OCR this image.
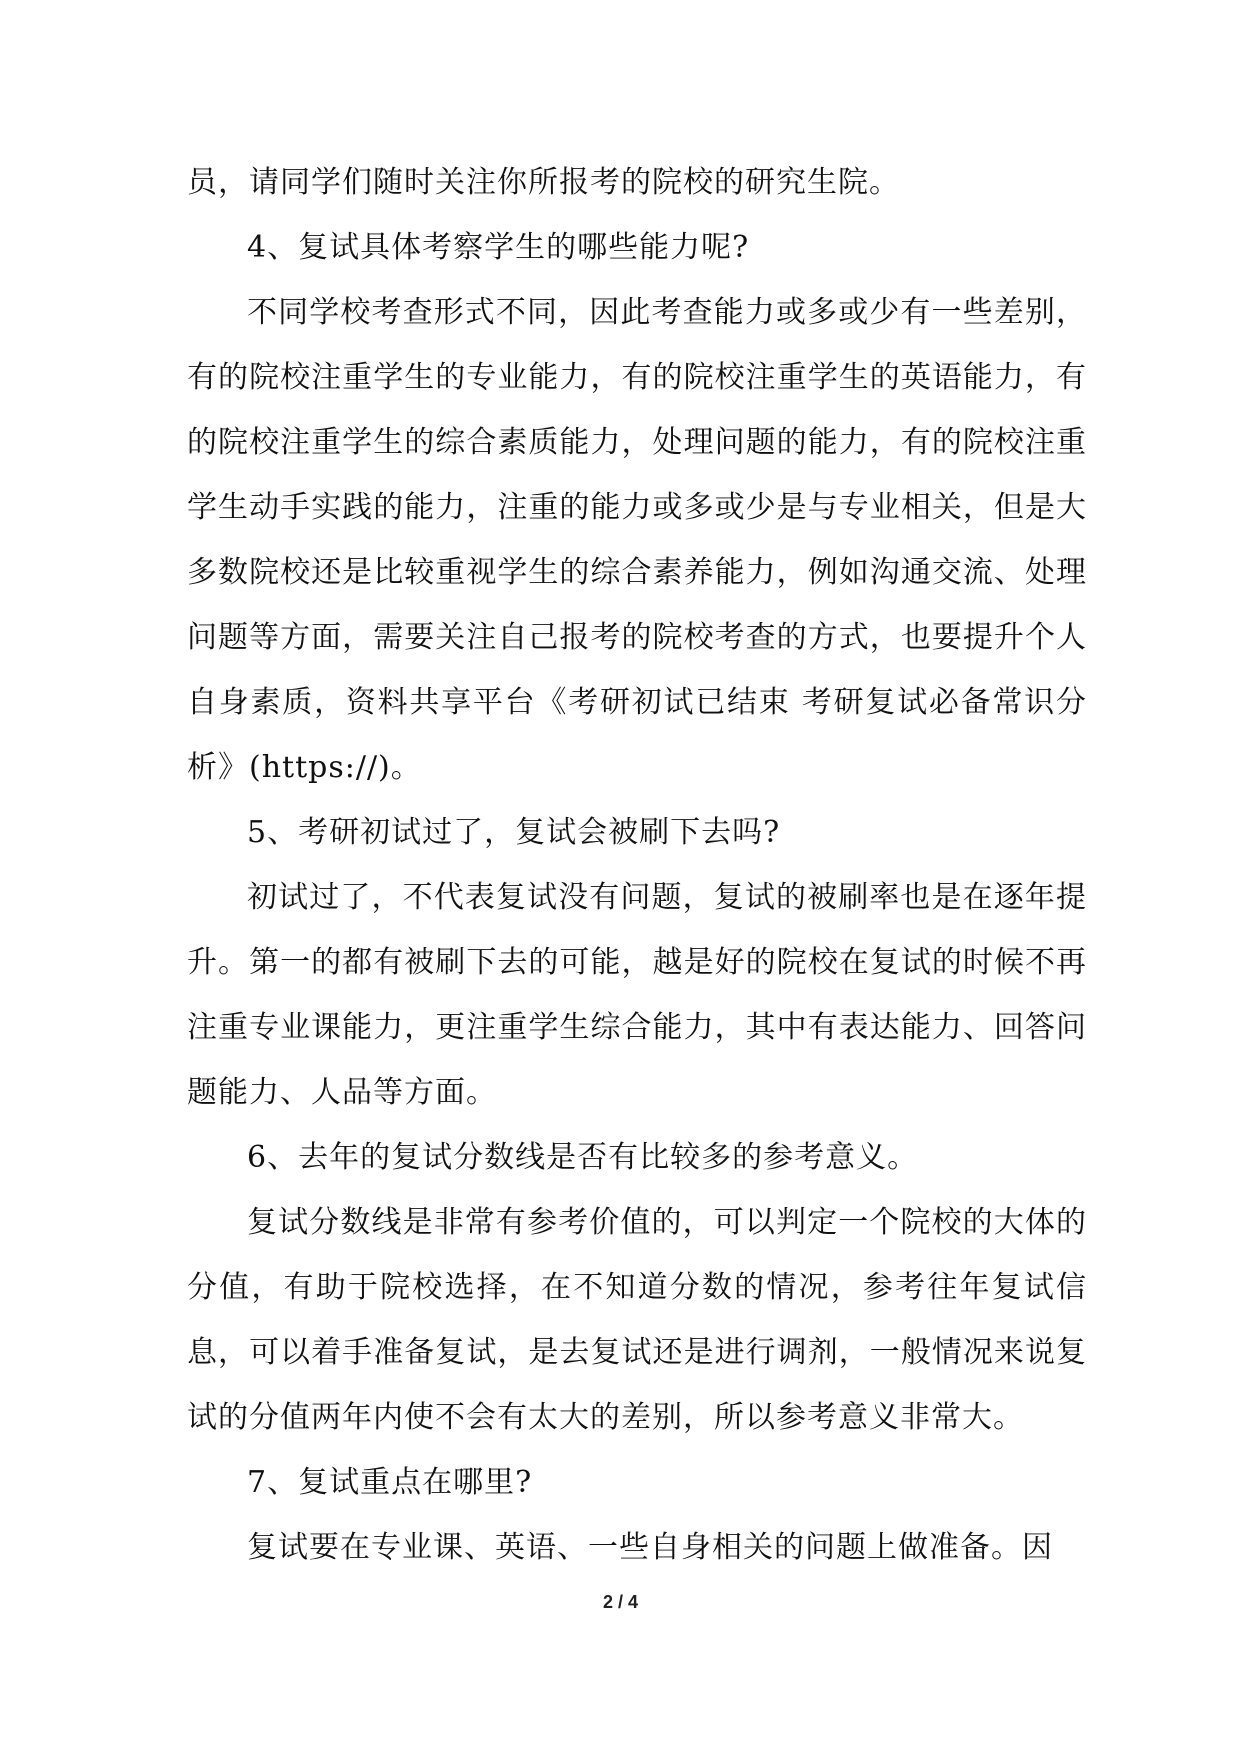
员，请同学们随时关注你所报考的院校的研究生院。

4、复试具体考察学生的哪些能力呢?

不同学校考查形式不同，因此考查能力或多或少有一些差别，有的院校注重学生的专业能力，有的院校注重学生的英语能力，有的院校注重学生的综合素质能力，处理问题的能力，有的院校注重学生动手实践的能力，注重的能力或多或少是与专业相关，但是大多数院校还是比较重视学生的综合素养能力，例如沟通交流、处理问题等方面，需要关注自己报考的院校考查的方式，也要提升个人自身素质，资料共享平台《考研初试已结束 考研复试必备常识分析》(https://)。

5、考研初试过了，复试会被刷下去吗?

初试过了，不代表复试没有问题，复试的被刷率也是在逐年提升。第一的都有被刷下去的可能，越是好的院校在复试的时候不再注重专业课能力，更注重学生综合能力，其中有表达能力、回答问题能力、人品等方面。

6、去年的复试分数线是否有比较多的参考意义。

复试分数线是非常有参考价值的，可以判定一个院校的大体的分值，有助于院校选择，在不知道分数的情况，参考往年复试信息，可以着手准备复试，是去复试还是进行调剂，一般情况来说复试的分值两年内使不会有太大的差别，所以参考意义非常大。

7、复试重点在哪里?

复试要在专业课、英语、一些自身相关的问题上做准备。因

2 / 4
